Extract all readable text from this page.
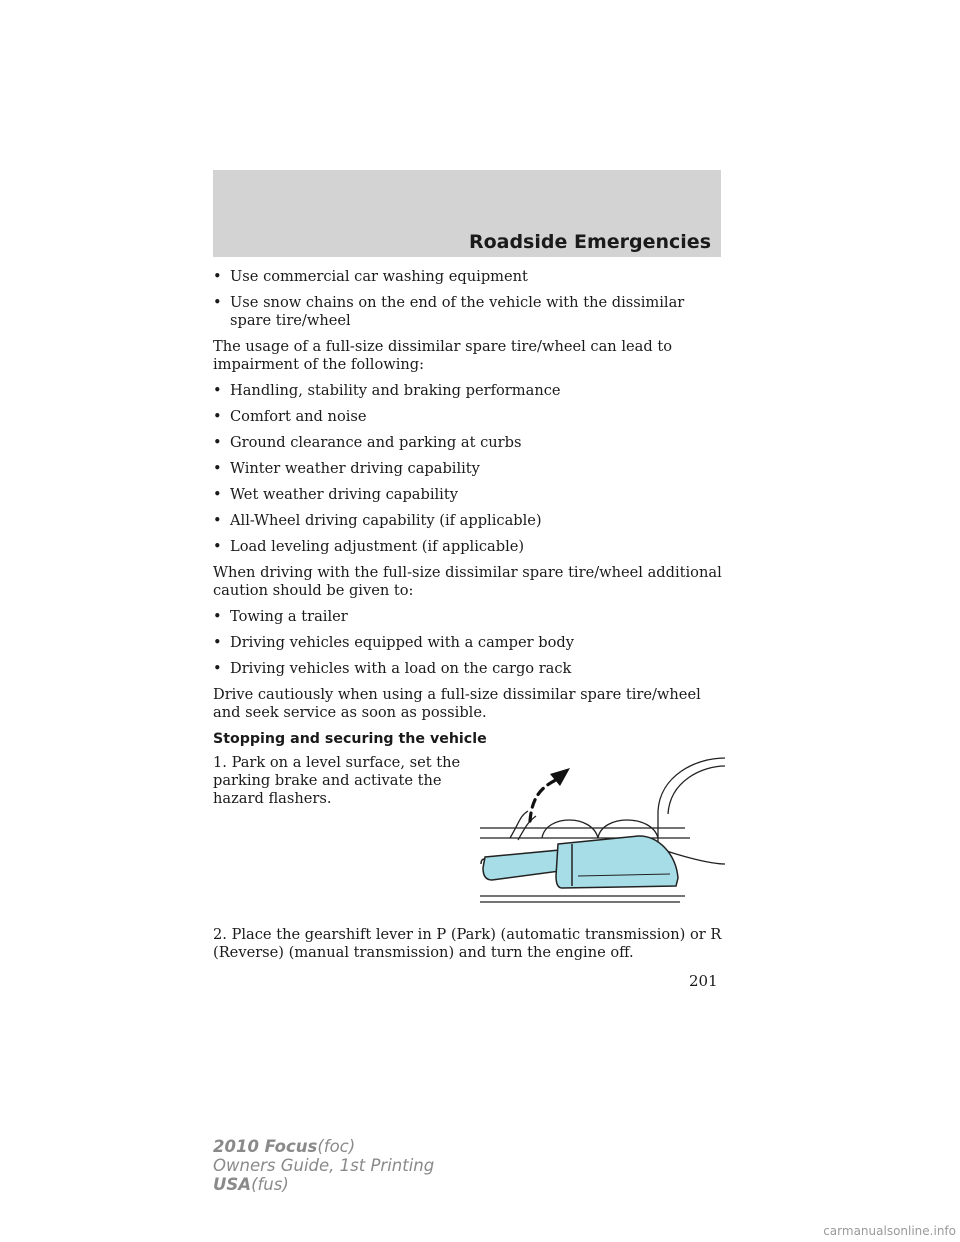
Roadside Emergencies
• Use commercial car washing equipment
• Use snow chains on the end of the vehicle with the dissimilar spare tire/wheel

The usage of a full-size dissimilar spare tire/wheel can lead to impairment of the following:

• Handling, stability and braking performance
• Comfort and noise
• Ground clearance and parking at curbs
• Winter weather driving capability
• Wet weather driving capability
• All-Wheel driving capability (if applicable)
• Load leveling adjustment (if applicable)

When driving with the full-size dissimilar spare tire/wheel additional caution should be given to:

• Towing a trailer
• Driving vehicles equipped with a camper body
• Driving vehicles with a load on the cargo rack

Drive cautiously when using a full-size dissimilar spare tire/wheel and seek service as soon as possible.

Stopping and securing the vehicle
1. Park on a level surface, set the parking brake and activate the hazard flashers.

2. Place the gearshift lever in P (Park) (automatic transmission) or R (Reverse) (manual transmission) and turn the engine off.

201
2010 Focus(foc)
Owners Guide, 1st Printing
USA(fus)
carmanualsonline.info
